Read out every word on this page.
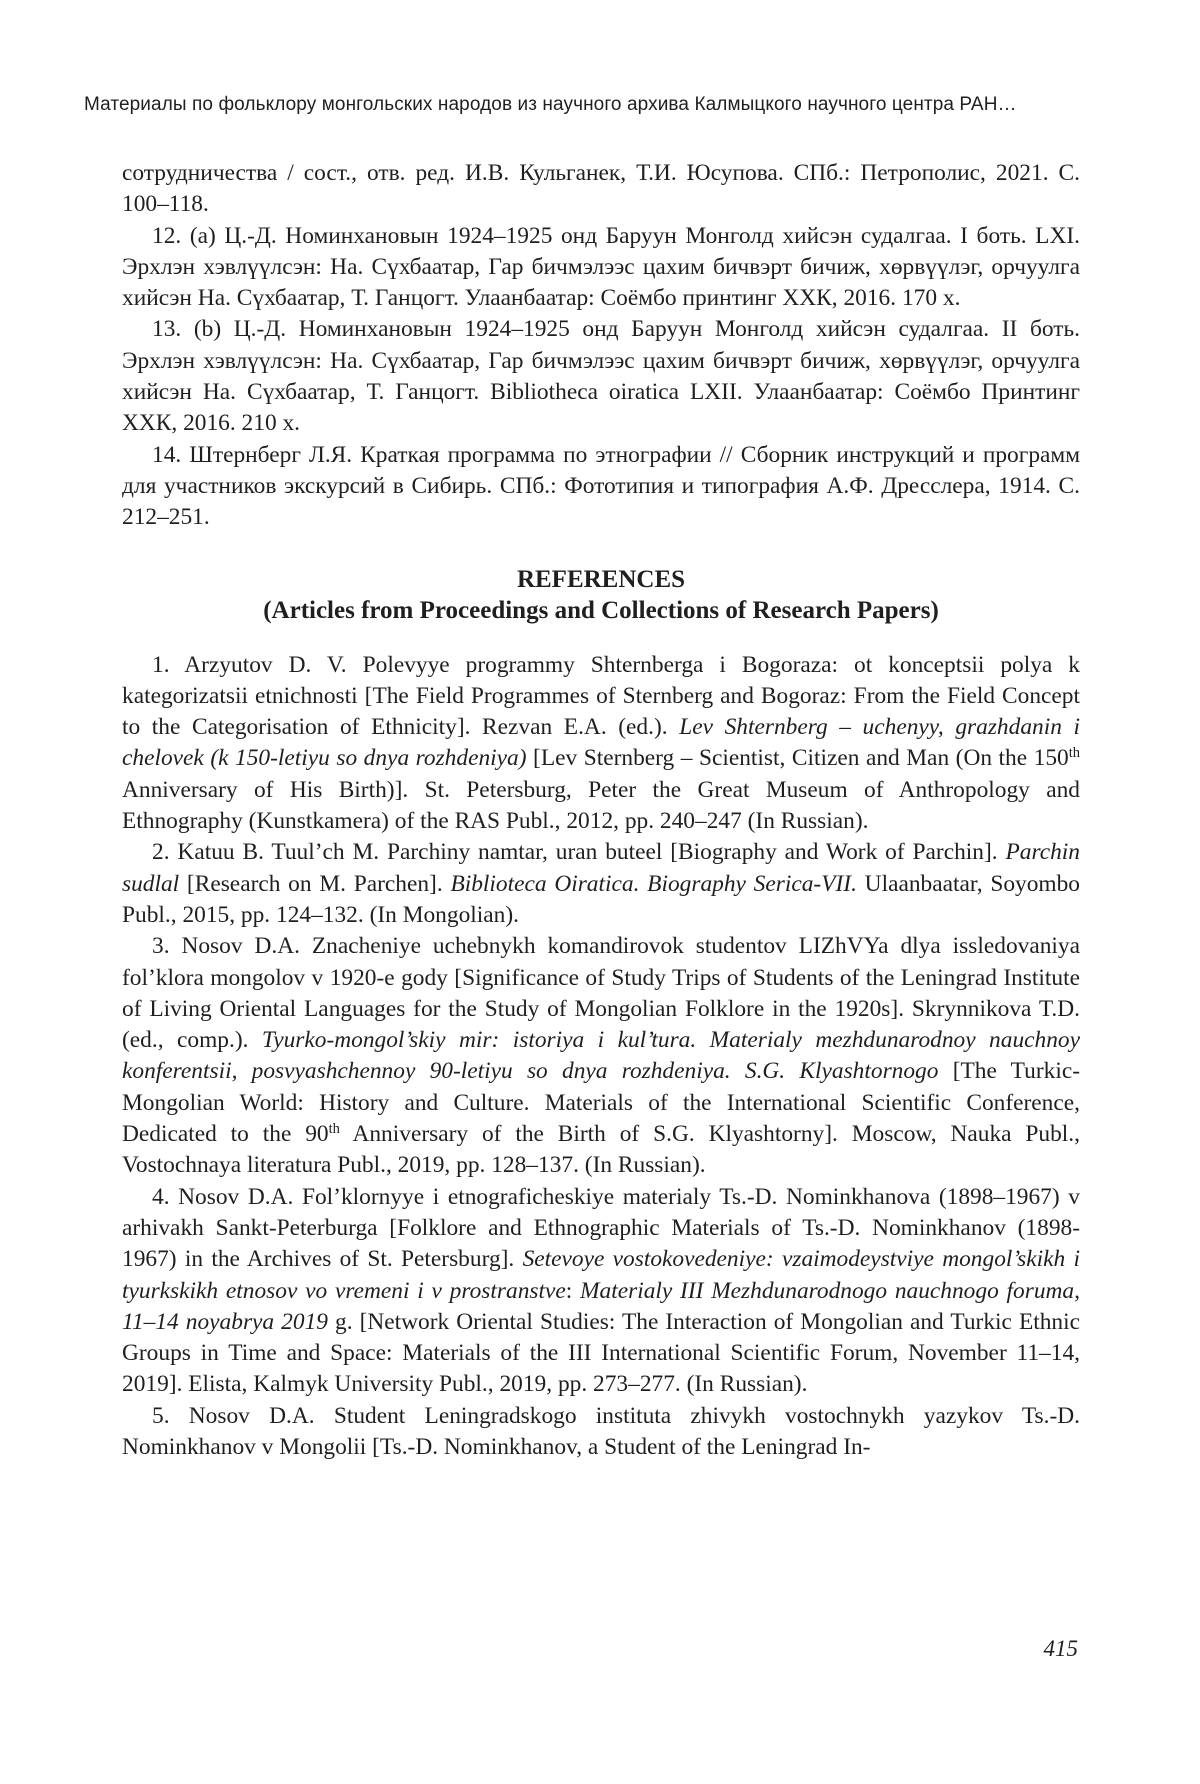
Материалы по фольклору монгольских народов из научного архива Калмыцкого научного центра РАН…

сотрудничества / сост., отв. ред. И.В. Кульганек, Т.И. Юсупова. СПб.: Петрополис, 2021. С. 100–118.

12. (a) Ц.-Д. Номинхановын 1924–1925 онд Баруун Монголд хийсэн судалгаа. I боть. LXI. Эрхлэн хэвлүүлсэн: На. Сүхбаатар, Гар бичмэлээс цахим бичвэрт бичиж, хөрвүүлэг, орчуулга хийсэн На. Сүхбаатар, Т. Ганцогт. Улаанбаатар: Соёмбо принтинг ХХК, 2016. 170 х.

13. (b) Ц.-Д. Номинхановын 1924–1925 онд Баруун Монголд хийсэн судалгаа. II боть. Эрхлэн хэвлүүлсэн: На. Сүхбаатар, Гар бичмэлээс цахим бичвэрт бичиж, хөрвүүлэг, орчуулга хийсэн На. Сүхбаатар, Т. Ганцогт. Bibliotheca oiratica LXII. Улаанбаатар: Соёмбо Принтинг ХХК, 2016. 210 х.

14. Штернберг Л.Я. Краткая программа по этнографии // Сборник инструкций и программ для участников экскурсий в Сибирь. СПб.: Фототипия и типография А.Ф. Дресслера, 1914. С. 212–251.

REFERENCES
(Articles from Proceedings and Collections of Research Papers)

1. Arzyutov D. V. Polevyye programmy Shternberga i Bogoraza: ot konceptsii polya k kategorizatsii etnichnosti [The Field Programmes of Sternberg and Bogoraz: From the Field Concept to the Categorisation of Ethnicity]. Rezvan E.A. (ed.). Lev Shternberg – uchenyy, grazhdanin i chelovek (k 150-letiyu so dnya rozhdeniya) [Lev Sternberg – Scientist, Citizen and Man (On the 150th Anniversary of His Birth)]. St. Petersburg, Peter the Great Museum of Anthropology and Ethnography (Kunstkamera) of the RAS Publ., 2012, pp. 240–247 (In Russian).

2. Katuu B. Tuul’ch M. Parchiny namtar, uran buteel [Biography and Work of Parchin]. Parchin sudlal [Research on M. Parchen]. Biblioteca Oiratica. Biography Serica-VII. Ulaanbaatar, Soyombo Publ., 2015, pp. 124–132. (In Mongolian).

3. Nosov D.A. Znacheniye uchebnykh komandirovok studentov LIZhVYa dlya issledovaniya fol’klora mongolov v 1920-e gody [Significance of Study Trips of Students of the Leningrad Institute of Living Oriental Languages for the Study of Mongolian Folklore in the 1920s]. Skrynnikova T.D. (ed., comp.). Tyurko-mongol’skiy mir: istoriya i kul’tura. Materialy mezhdunarodnoy nauchnoy konferentsii, posvyashchennoy 90-letiyu so dnya rozhdeniya. S.G. Klyashtornogo [The Turkic-Mongolian World: History and Culture. Materials of the International Scientific Conference, Dedicated to the 90th Anniversary of the Birth of S.G. Klyashtorny]. Moscow, Nauka Publ., Vostochnaya literatura Publ., 2019, pp. 128–137. (In Russian).

4. Nosov D.A. Fol’klornyye i etnograficheskiye materialy Ts.-D. Nominkhanova (1898–1967) v arhivakh Sankt-Peterburga [Folklore and Ethnographic Materials of Ts.-D. Nominkhanov (1898-1967) in the Archives of St. Petersburg]. Setevoye vostokovedeniye: vzaimodeystviye mongol’skikh i tyurkskikh etnosov vo vremeni i v prostranstve: Materialy III Mezhdunarodnogo nauchnogo foruma, 11–14 noyabrya 2019 g. [Network Oriental Studies: The Interaction of Mongolian and Turkic Ethnic Groups in Time and Space: Materials of the III International Scientific Forum, November 11–14, 2019]. Elista, Kalmyk University Publ., 2019, pp. 273–277. (In Russian).

5. Nosov D.A. Student Leningradskogo instituta zhivykh vostochnykh yazykov Ts.-D. Nominkhanov v Mongolii [Ts.-D. Nominkhanov, a Student of the Leningrad In-

415
